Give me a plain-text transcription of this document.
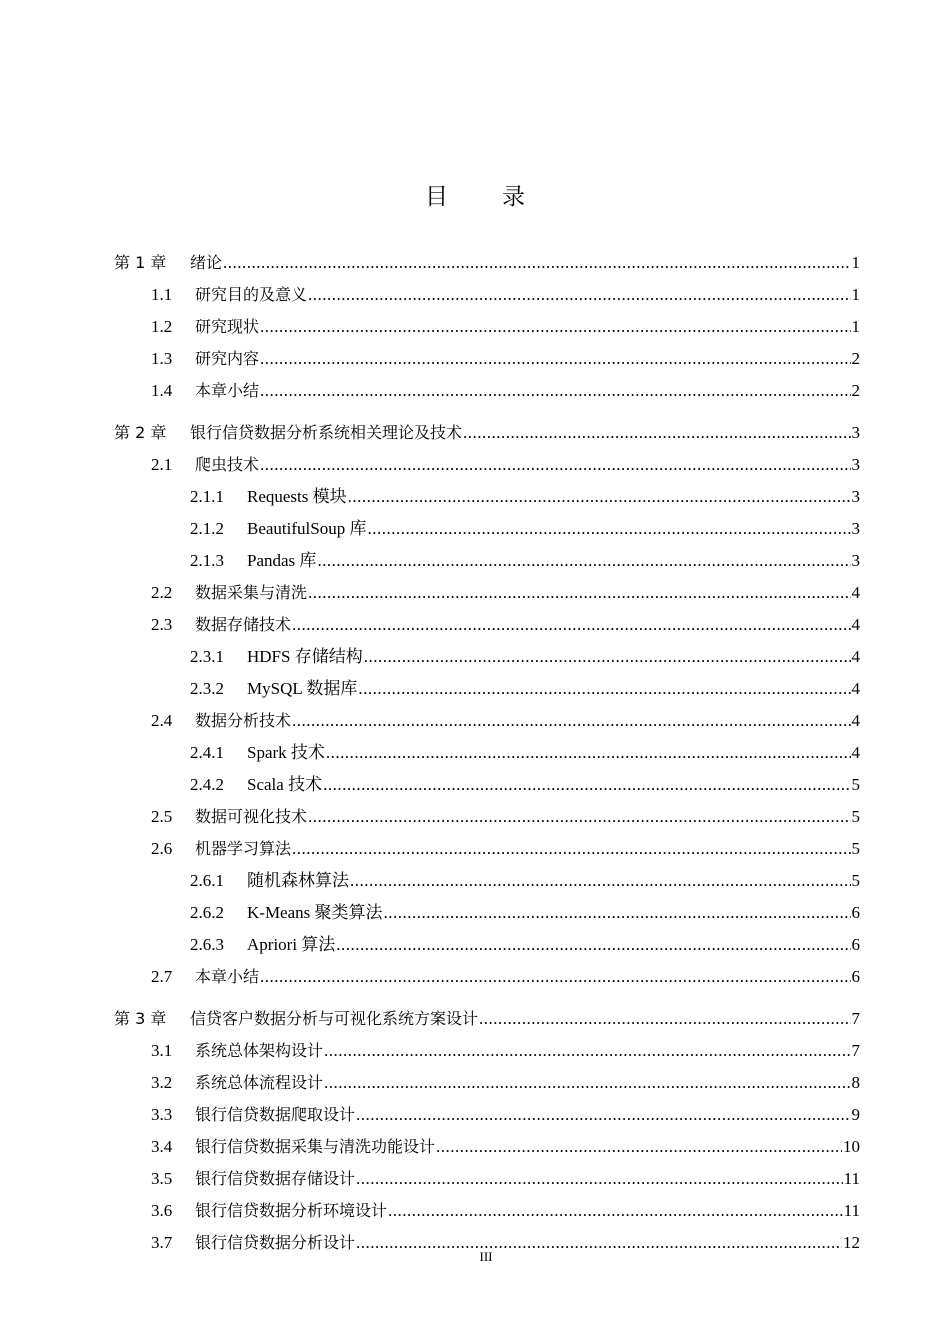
目 录
第 1 章	绪论 .....	1
1.1	研究目的及意义 .....	1
1.2	研究现状 .....	1
1.3	研究内容 .....	2
1.4	本章小结 .....	2
第 2 章	银行信贷数据分析系统相关理论及技术 .....	3
2.1	爬虫技术 .....	3
2.1.1	Requests 模块 .....	3
2.1.2	BeautifulSoup 库 .....	3
2.1.3	Pandas 库 .....	3
2.2	数据采集与清洗 .....	4
2.3	数据存储技术 .....	4
2.3.1	HDFS 存储结构 .....	4
2.3.2	MySQL 数据库 .....	4
2.4	数据分析技术 .....	4
2.4.1	Spark 技术 .....	4
2.4.2	Scala 技术 .....	5
2.5	数据可视化技术 .....	5
2.6	机器学习算法 .....	5
2.6.1	随机森林算法 .....	5
2.6.2	K-Means 聚类算法 .....	6
2.6.3	Apriori 算法 .....	6
2.7	本章小结 .....	6
第 3 章	信贷客户数据分析与可视化系统方案设计 .....	7
3.1	系统总体架构设计 .....	7
3.2	系统总体流程设计 .....	8
3.3	银行信贷数据爬取设计 .....	9
3.4	银行信贷数据采集与清洗功能设计 .....	10
3.5	银行信贷数据存储设计 .....	11
3.6	银行信贷数据分析环境设计 .....	11
3.7	银行信贷数据分析设计 .....	12
III
